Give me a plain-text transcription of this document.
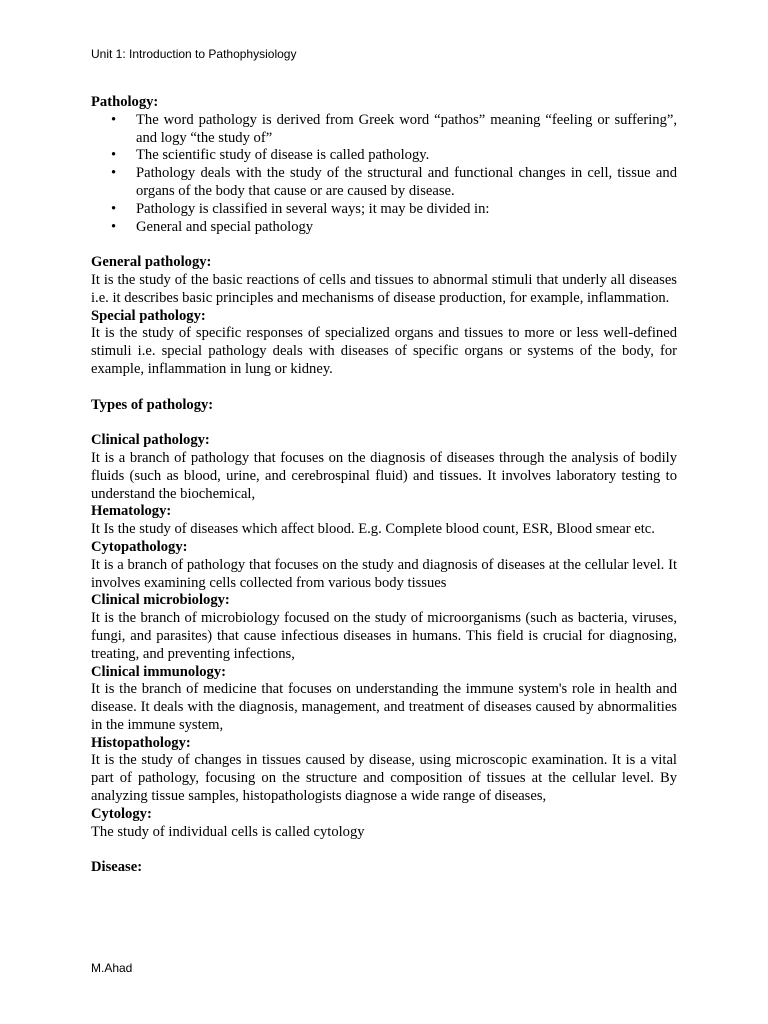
Unit 1: Introduction to Pathophysiology

Pathology:

• The word pathology is derived from Greek word “pathos” meaning “feeling or suffering”, and logy “the study of”
• The scientific study of disease is called pathology.
• Pathology deals with the study of the structural and functional changes in cell, tissue and organs of the body that cause or are caused by disease.
• Pathology is classified in several ways; it may be divided in:
• General and special pathology

General pathology:

It is the study of the basic reactions of cells and tissues to abnormal stimuli that underly all diseases i.e. it describes basic principles and mechanisms of disease production, for example, inflammation.

Special pathology:

It is the study of specific responses of specialized organs and tissues to more or less well-defined stimuli i.e. special pathology deals with diseases of specific organs or systems of the body, for example, inflammation in lung or kidney.

Types of pathology:

Clinical pathology:

It is a branch of pathology that focuses on the diagnosis of diseases through the analysis of bodily fluids (such as blood, urine, and cerebrospinal fluid) and tissues. It involves laboratory testing to understand the biochemical,

Hematology:

It Is the study of diseases which affect blood. E.g. Complete blood count, ESR, Blood smear etc.

Cytopathology:

It is a branch of pathology that focuses on the study and diagnosis of diseases at the cellular level. It involves examining cells collected from various body tissues

Clinical microbiology:

It is the branch of microbiology focused on the study of microorganisms (such as bacteria, viruses, fungi, and parasites) that cause infectious diseases in humans. This field is crucial for diagnosing, treating, and preventing infections,

Clinical immunology:

It is the branch of medicine that focuses on understanding the immune system's role in health and disease. It deals with the diagnosis, management, and treatment of diseases caused by abnormalities in the immune system,

Histopathology:

It is the study of changes in tissues caused by disease, using microscopic examination. It is a vital part of pathology, focusing on the structure and composition of tissues at the cellular level. By analyzing tissue samples, histopathologists diagnose a wide range of diseases,

Cytology:

The study of individual cells is called cytology

Disease:

M.Ahad
